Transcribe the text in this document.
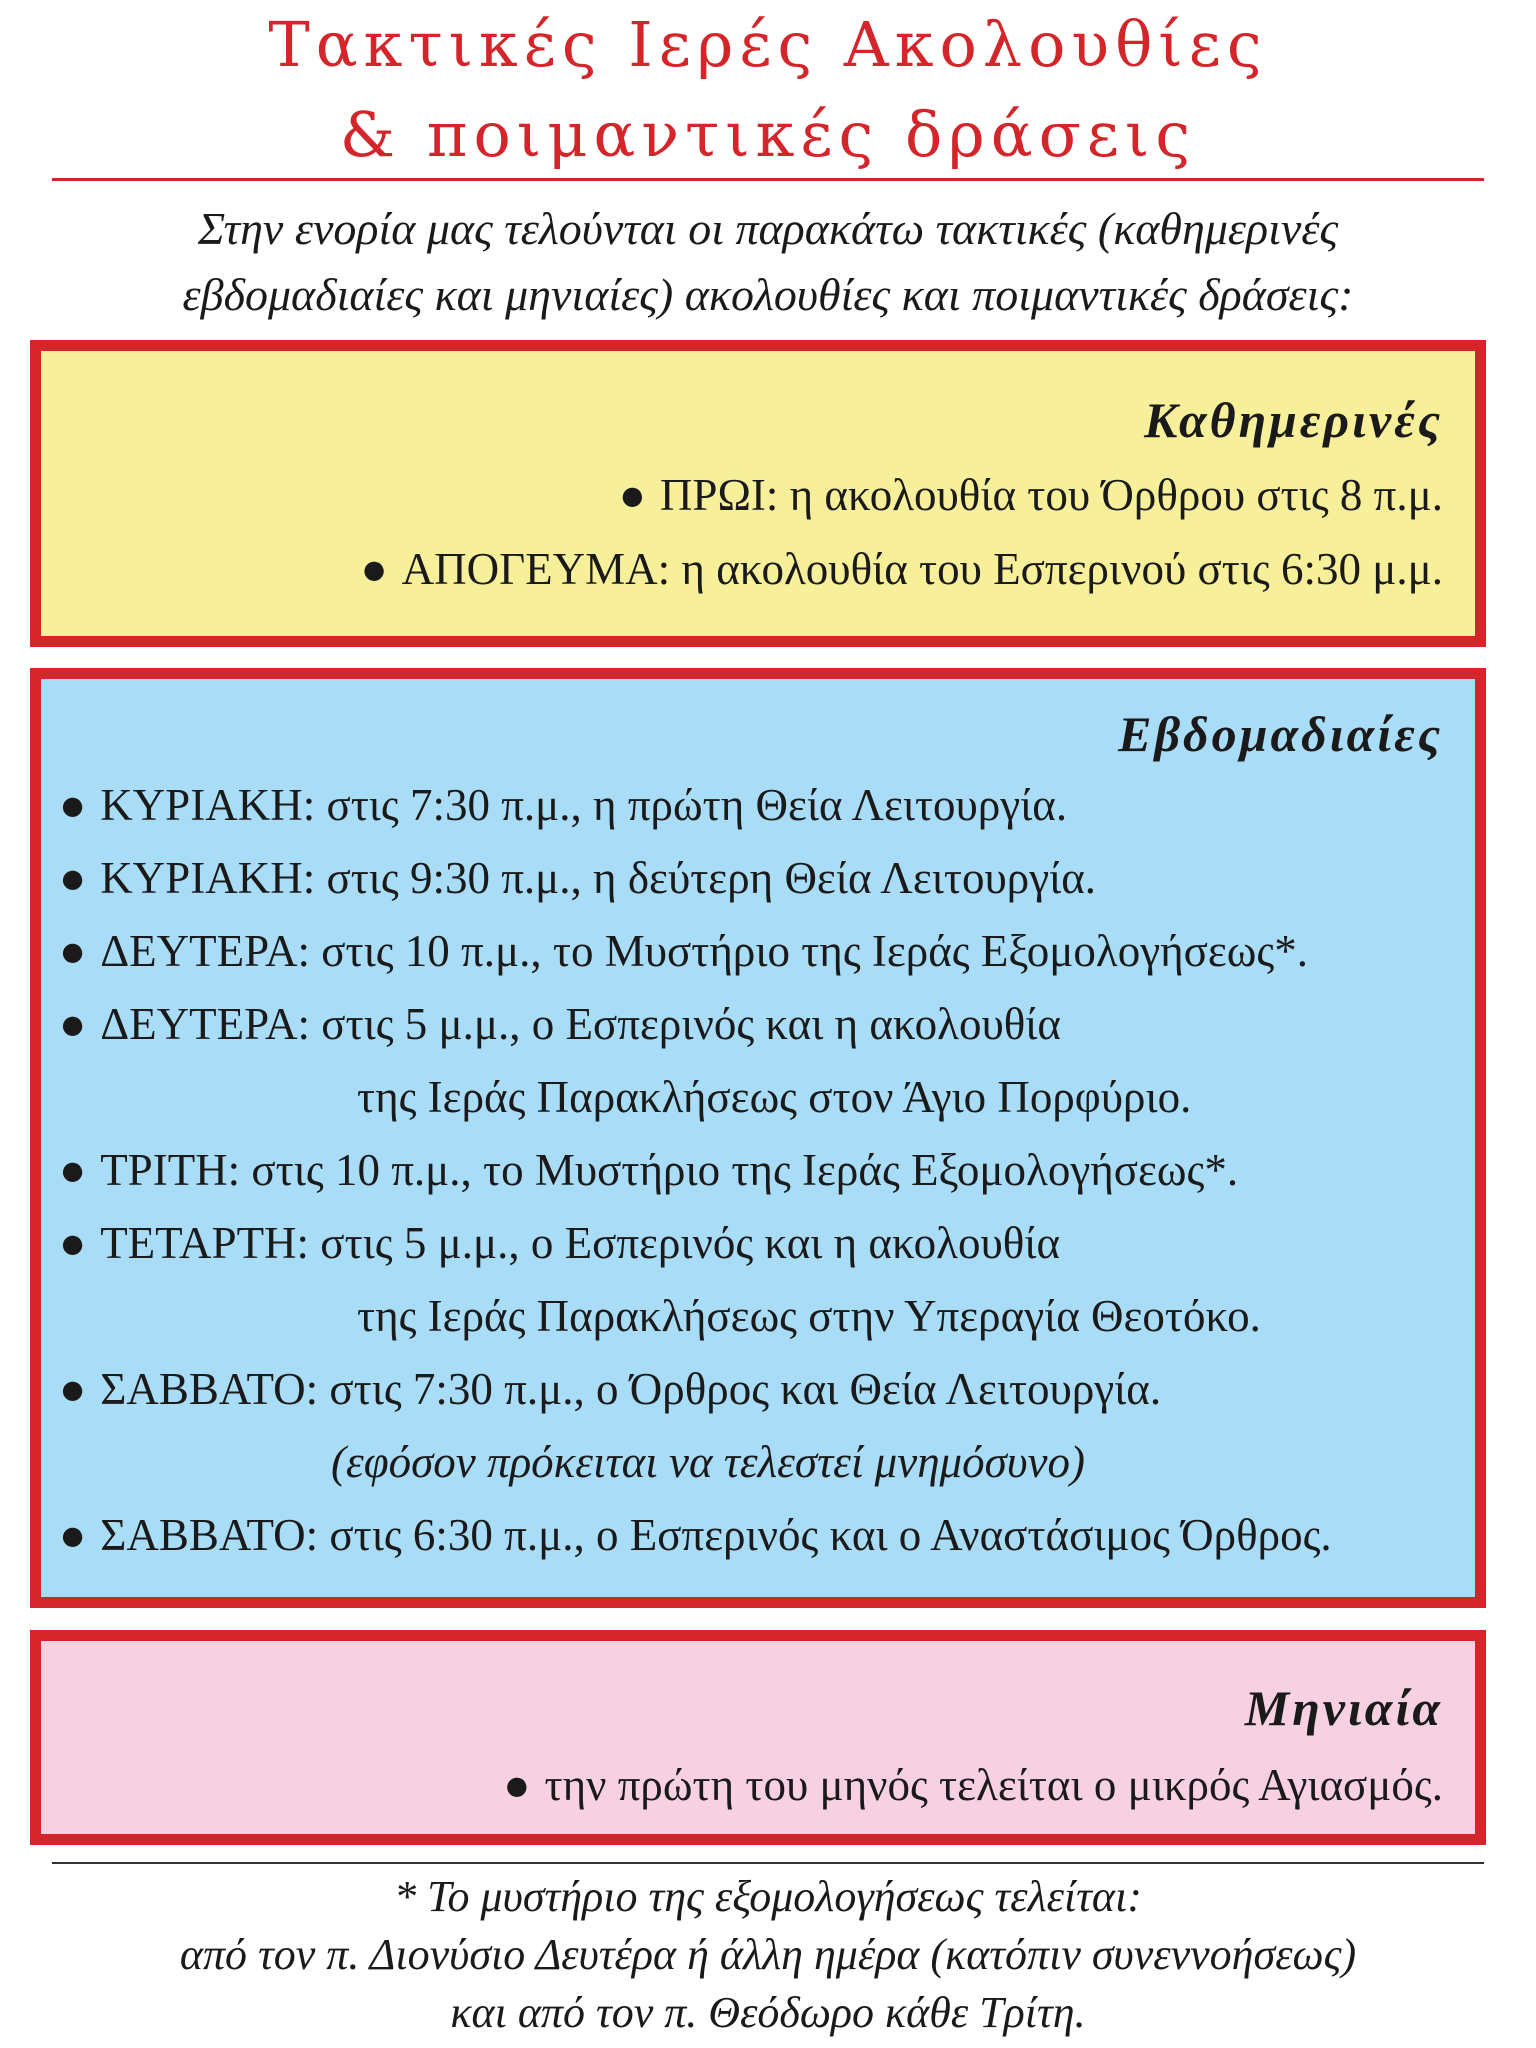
Τακτικές Ιερές Ακολουθίες
& ποιμαντικές δράσεις
Στην ενορία μας τελούνται οι παρακάτω τακτικές (καθημερινές
εβδομαδιαίες και μηνιαίες) ακολουθίες και ποιμαντικές δράσεις:
Καθημερινές
● ΠΡΩΙ: η ακολουθία του Όρθρου στις 8 π.μ.
● ΑΠΟΓΕΥΜΑ: η ακολουθία του Εσπερινού στις 6:30 μ.μ.
Εβδομαδιαίες
● ΚΥΡΙΑΚΗ: στις 7:30 π.μ., η πρώτη Θεία Λειτουργία.
● ΚΥΡΙΑΚΗ: στις 9:30 π.μ., η δεύτερη Θεία Λειτουργία.
● ΔΕΥΤΕΡΑ: στις 10 π.μ., το Μυστήριο της Ιεράς Εξομολογήσεως*.
● ΔΕΥΤΕΡΑ: στις 5 μ.μ., ο Εσπερινός και η ακολουθία
της Ιεράς Παρακλήσεως στον Άγιο Πορφύριο.
● ΤΡΙΤΗ: στις 10 π.μ., το Μυστήριο της Ιεράς Εξομολογήσεως*.
● ΤΕΤΑΡΤΗ: στις 5 μ.μ., ο Εσπερινός και η ακολουθία
της Ιεράς Παρακλήσεως στην Υπεραγία Θεοτόκο.
● ΣΑΒΒΑΤΟ: στις 7:30 π.μ., ο Όρθρος και Θεία Λειτουργία.
(εφόσον πρόκειται να τελεστεί μνημόσυνο)
● ΣΑΒΒΑΤΟ: στις 6:30 π.μ., ο Εσπερινός και ο Αναστάσιμος Όρθρος.
Μηνιαία
● την πρώτη του μηνός τελείται ο μικρός Αγιασμός.
* Το μυστήριο της εξομολογήσεως τελείται:
από τον π. Διονύσιο Δευτέρα ή άλλη ημέρα (κατόπιν συνεννοήσεως)
και από τον π. Θεόδωρο κάθε Τρίτη.
